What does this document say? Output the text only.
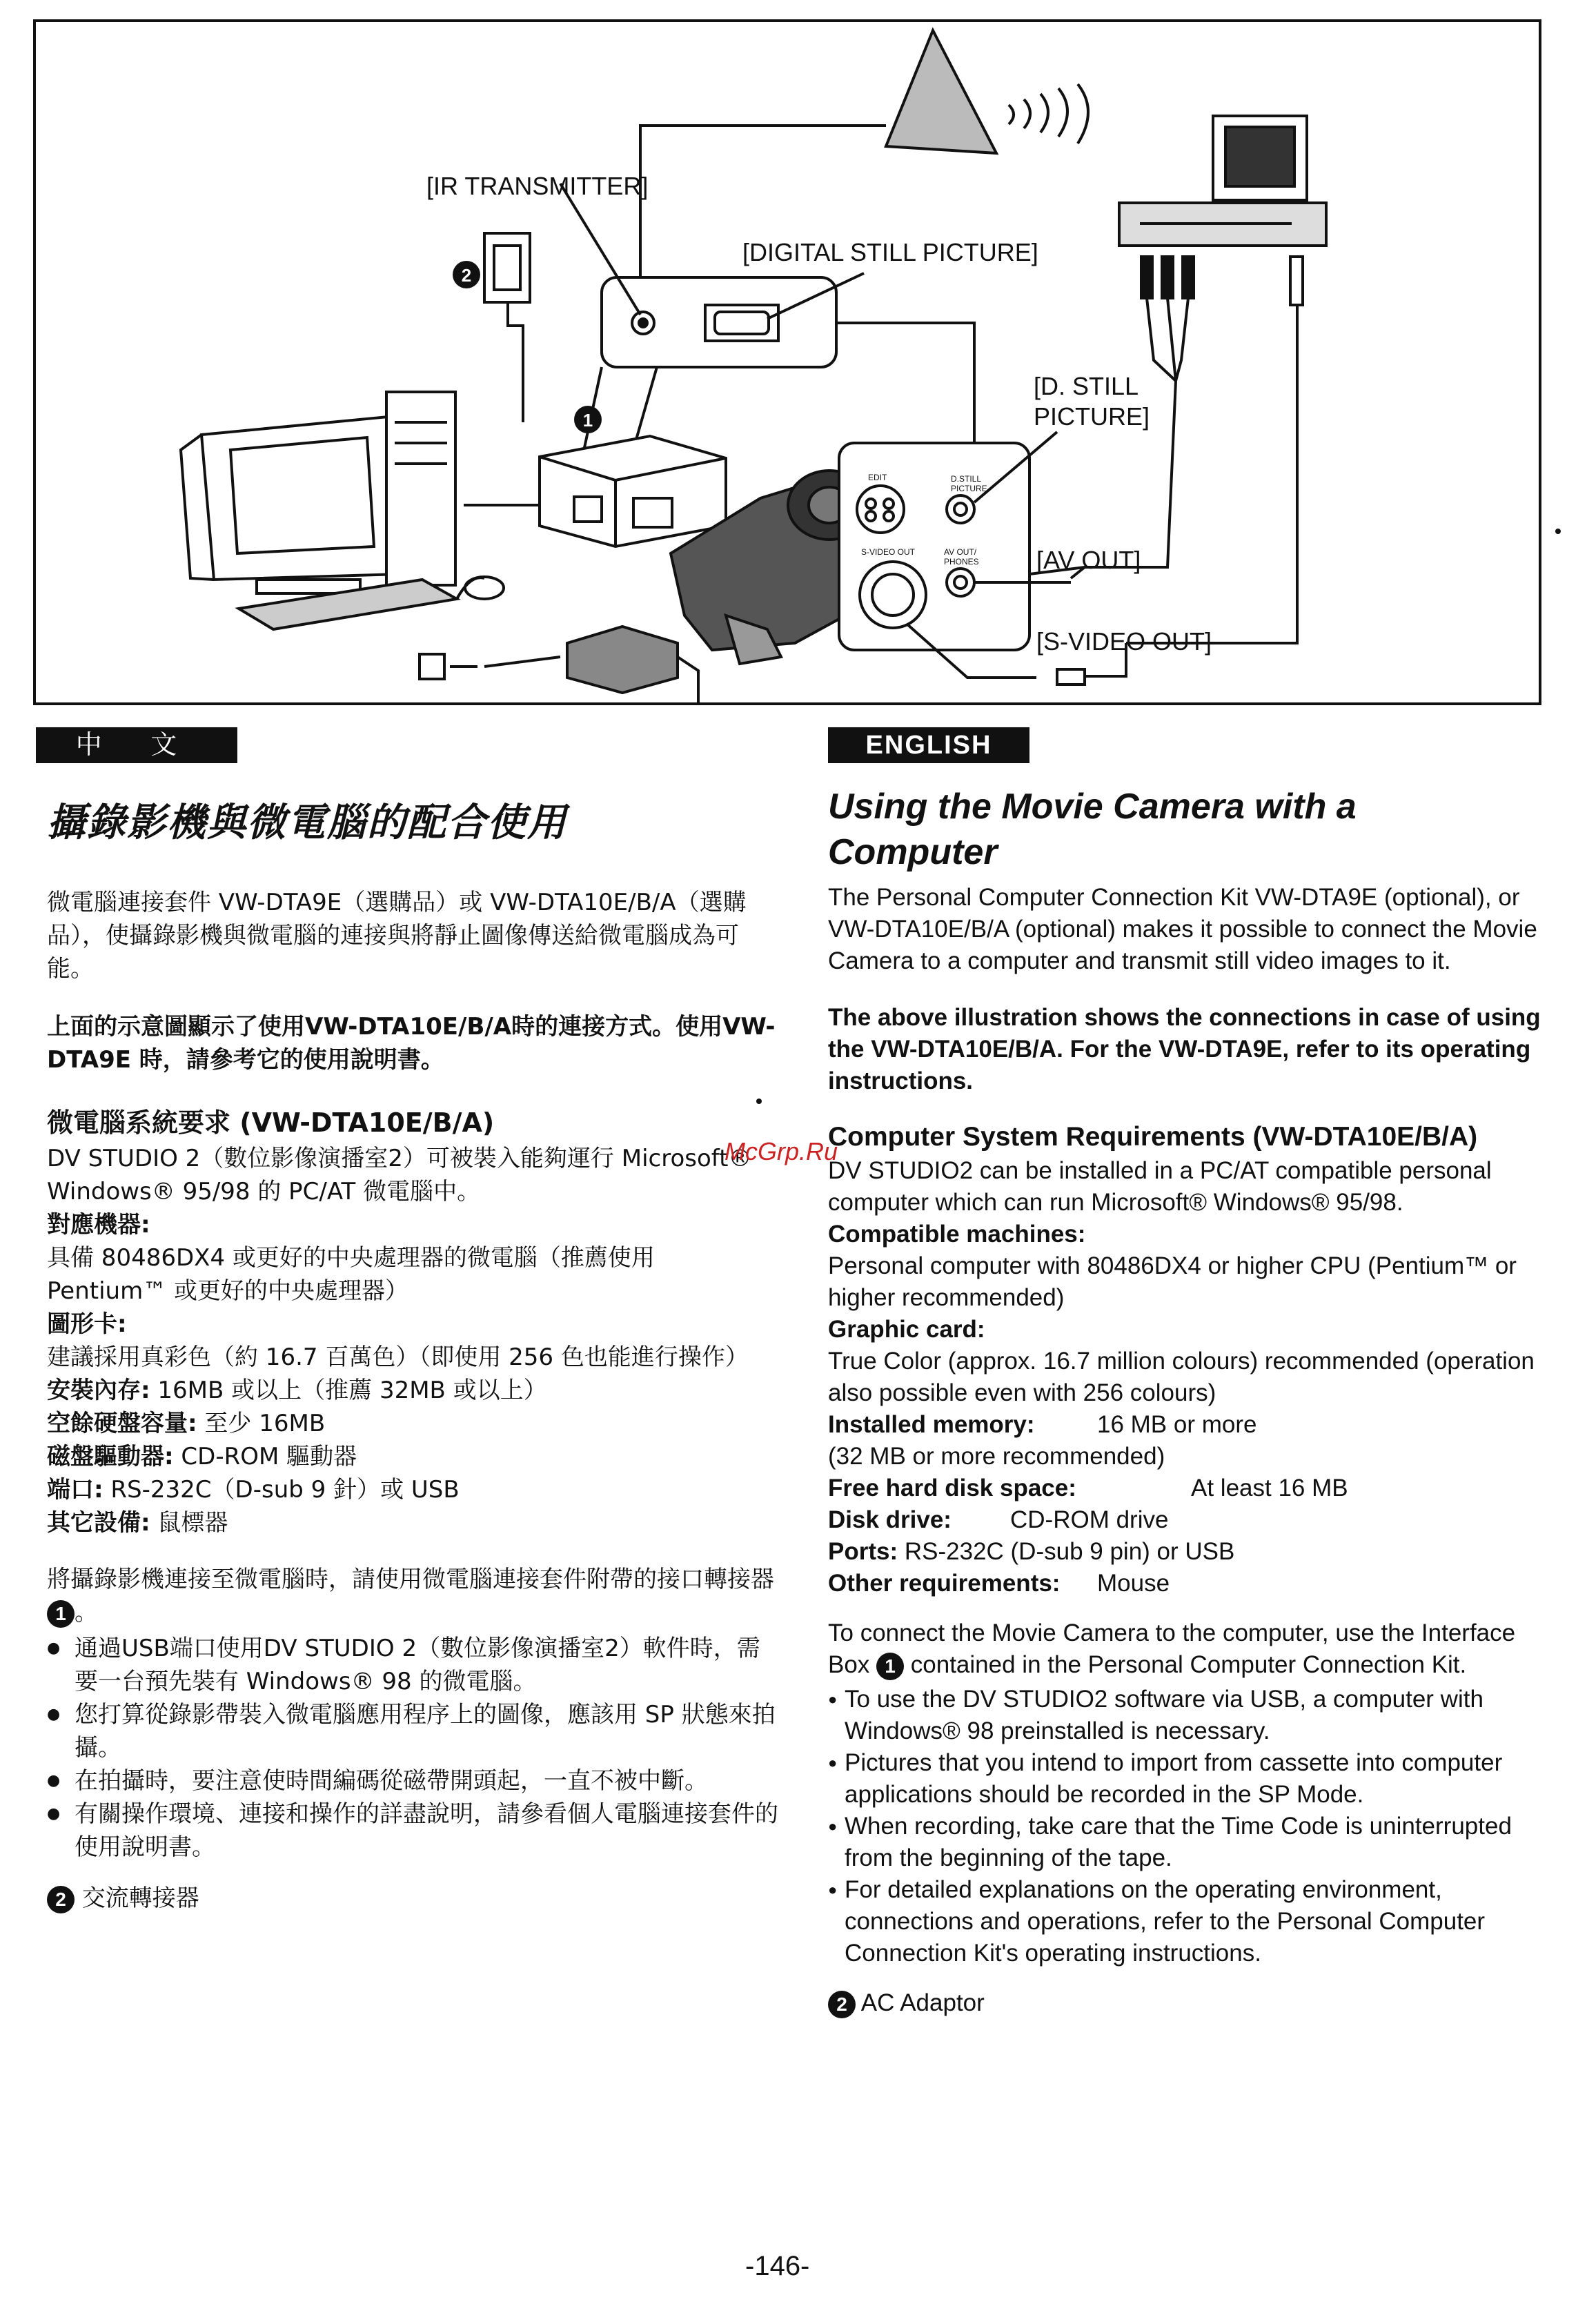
1
2
[IR TRANSMITTER]
[DIGITAL STILL PICTURE]
[D. STILL
PICTURE]
[AV OUT]
[S-VIDEO OUT]
EDIT	D.STILL
PICTURE
S-VIDEO OUT	AV OUT/
PHONES
中 文	ENGLISH
攝錄影機與微電腦的配合使用

微電腦連接套件 VW-DTA9E（選購品）或 VW-DTA10E/B/A（選購品），使攝錄影機與微電腦的連接與將靜止圖像傳送給微電腦成為可能。

上面的示意圖顯示了使用VW-DTA10E/B/A時的連接方式。使用VW-DTA9E 時，請參考它的使用說明書。

微電腦系統要求 (VW-DTA10E/B/A)
DV STUDIO 2（數位影像演播室2）可被裝入能夠運行 Microsoft® Windows® 95/98 的 PC/AT 微電腦中。
對應機器:
具備 80486DX4 或更好的中央處理器的微電腦（推薦使用 Pentium™ 或更好的中央處理器）
圖形卡:
建議採用真彩色（約 16.7 百萬色）（即使用 256 色也能進行操作）
安裝內存: 16MB 或以上（推薦 32MB 或以上）
空餘硬盤容量: 至少 16MB
磁盤驅動器: CD-ROM 驅動器
端口: RS-232C（D-sub 9 針）或 USB
其它設備: 鼠標器

將攝錄影機連接至微電腦時，請使用微電腦連接套件附帶的接口轉接器1 。

● 通過USB端口使用DV STUDIO 2（數位影像演播室2）軟件時，需要一台預先裝有 Windows® 98 的微電腦。
● 您打算從錄影帶裝入微電腦應用程序上的圖像，應該用 SP 狀態來拍攝。
● 在拍攝時，要注意使時間編碼從磁帶開頭起，一直不被中斷。
● 有關操作環境、連接和操作的詳盡說明，請參看個人電腦連接套件的使用說明書。
2 交流轉接器
Using the Movie Camera with a
Computer

The Personal Computer Connection Kit VW-DTA9E (optional), or VW-DTA10E/B/A (optional) makes it possible to connect the Movie Camera to a computer and transmit still video images to it.

The above illustration shows the connections in case of using the VW-DTA10E/B/A. For the VW-DTA9E, refer to its operating instructions.

Computer System Requirements (VW-DTA10E/B/A)
DV STUDIO2 can be installed in a PC/AT compatible personal computer which can run Microsoft® Windows® 95/98.
Compatible machines:
Personal computer with 80486DX4 or higher CPU (Pentium™ or higher recommended)
Graphic card:
True Color (approx. 16.7 million colours) recommended (operation also possible even with 256 colours)
Installed memory:	16 MB or more
(32 MB or more recommended)
Free hard disk space:	At least 16 MB
Disk drive: CD-ROM drive
Ports: RS-232C (D-sub 9 pin) or USB
Other requirements: Mouse

To connect the Movie Camera to the computer, use the Interface Box 1 contained in the Personal Computer Connection Kit.

● To use the DV STUDIO2 software via USB, a computer with Windows® 98 preinstalled is necessary.
● Pictures that you intend to import from cassette into computer applications should be recorded in the SP Mode.
● When recording, take care that the Time Code is uninterrupted from the beginning of the tape.
● For detailed explanations on the operating environment, connections and operations, refer to the Personal Computer Connection Kit's operating instructions.
2 AC Adaptor
McGrp.Ru
-146-
